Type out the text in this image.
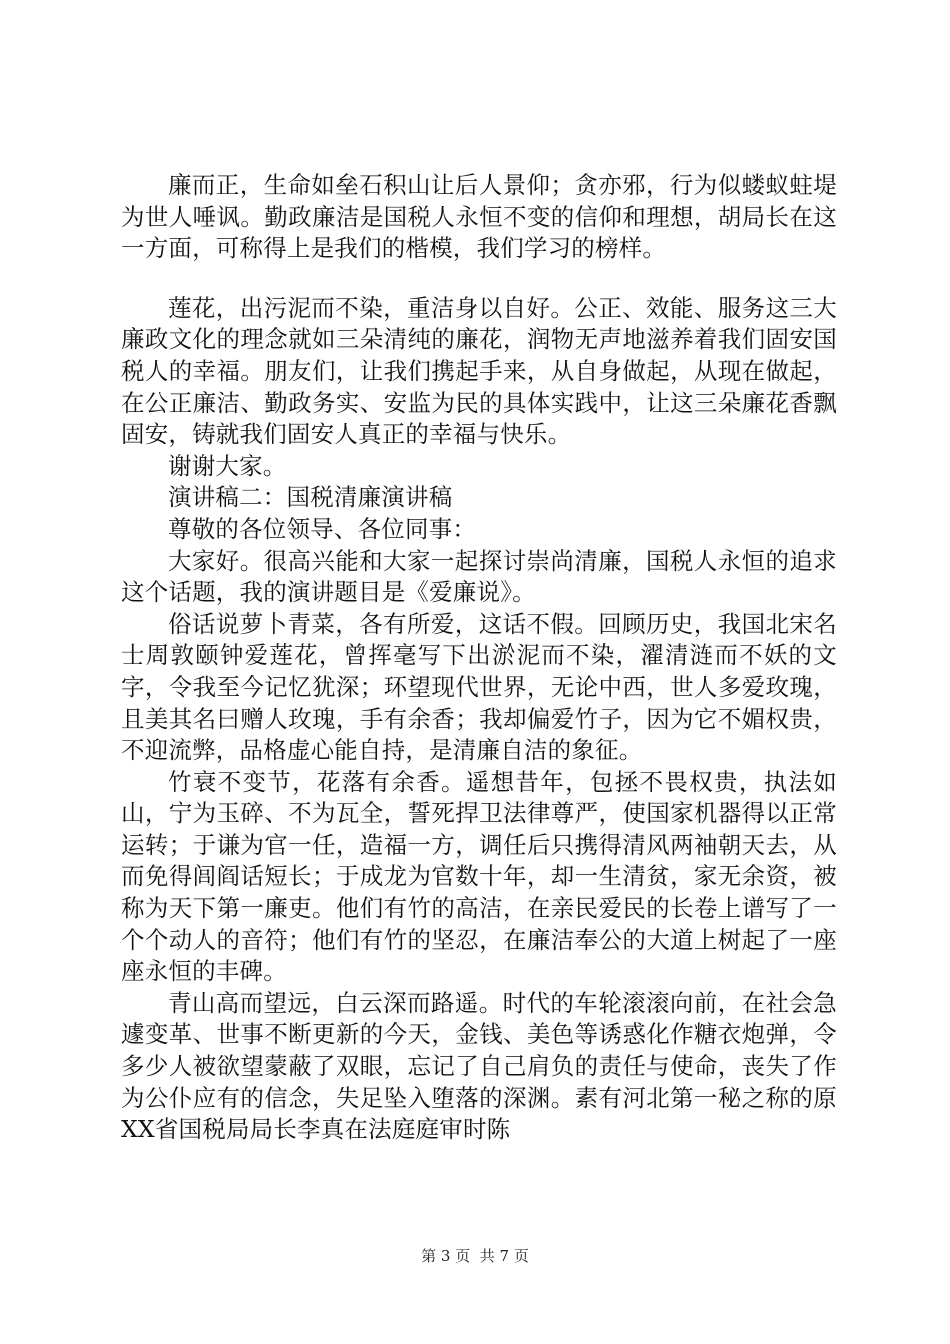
廉而正，生命如垒石积山让后人景仰；贪亦邪，行为似蝼蚁蛀堤为世人唾讽。勤政廉洁是国税人永恒不变的信仰和理想，胡局长在这一方面，可称得上是我们的楷模，我们学习的榜样。

莲花，出污泥而不染，重洁身以自好。公正、效能、服务这三大廉政文化的理念就如三朵清纯的廉花，润物无声地滋养着我们固安国税人的幸福。朋友们，让我们携起手来，从自身做起，从现在做起，在公正廉洁、勤政务实、安监为民的具体实践中，让这三朵廉花香飘固安，铸就我们固安人真正的幸福与快乐。

谢谢大家。

演讲稿二：国税清廉演讲稿

尊敬的各位领导、各位同事：

大家好。很高兴能和大家一起探讨崇尚清廉，国税人永恒的追求这个话题，我的演讲题目是《爱廉说》。

俗话说萝卜青菜，各有所爱，这话不假。回顾历史，我国北宋名士周敦颐钟爱莲花，曾挥毫写下出淤泥而不染，濯清涟而不妖的文字，令我至今记忆犹深；环望现代世界，无论中西，世人多爱玫瑰，且美其名曰赠人玫瑰，手有余香；我却偏爱竹子，因为它不媚权贵，不迎流弊，品格虚心能自持，是清廉自洁的象征。

竹衰不变节，花落有余香。遥想昔年，包拯不畏权贵，执法如山，宁为玉碎、不为瓦全，誓死捍卫法律尊严，使国家机器得以正常运转；于谦为官一任，造福一方，调任后只携得清风两袖朝天去，从而免得闾阎话短长；于成龙为官数十年，却一生清贫，家无余资，被称为天下第一廉吏。他们有竹的高洁，在亲民爱民的长卷上谱写了一个个动人的音符；他们有竹的坚忍，在廉洁奉公的大道上树起了一座座永恒的丰碑。

青山高而望远，白云深而路遥。时代的车轮滚滚向前，在社会急遽变革、世事不断更新的今天，金钱、美色等诱惑化作糖衣炮弹，令多少人被欲望蒙蔽了双眼，忘记了自己肩负的责任与使命，丧失了作为公仆应有的信念，失足坠入堕落的深渊。素有河北第一秘之称的原XX省国税局局长李真在法庭庭审时陈

第 3 页  共 7 页
